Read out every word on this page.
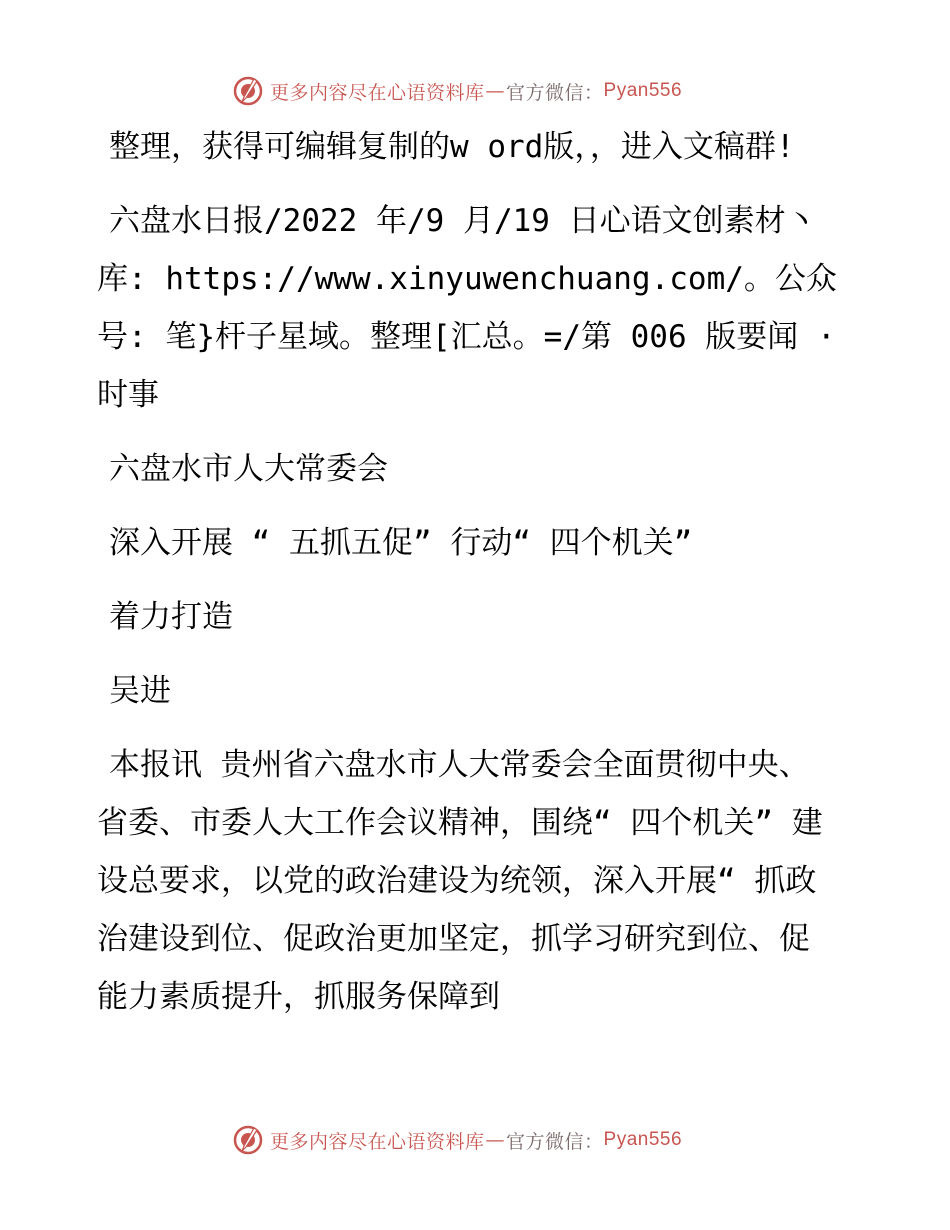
更多内容尽在心语资料库 — 官方微信： Pyan556

整理，获得可编辑复制的w ord版，，进入文稿群!

六盘水日报/2022 年/9 月/19 日心语文创素材丶库: https://www.xinyuwenchuang.com/。公众号: 笔}杆子星域。整理[汇总。=/第 006 版要闻 · 时事

六盘水市人大常委会

深入开展 “ 五抓五促” 行动“ 四个机关”

着力打造

吴进

本报讯 贵州省六盘水市人大常委会全面贯彻中央、省委、市委人大工作会议精神，围绕“ 四个机关” 建设总要求，以党的政治建设为统领，深入开展“ 抓政治建设到位、促政治更加坚定，抓学习研究到位、促能力素质提升，抓服务保障到

更多内容尽在心语资料库 — 官方微信： Pyan556
